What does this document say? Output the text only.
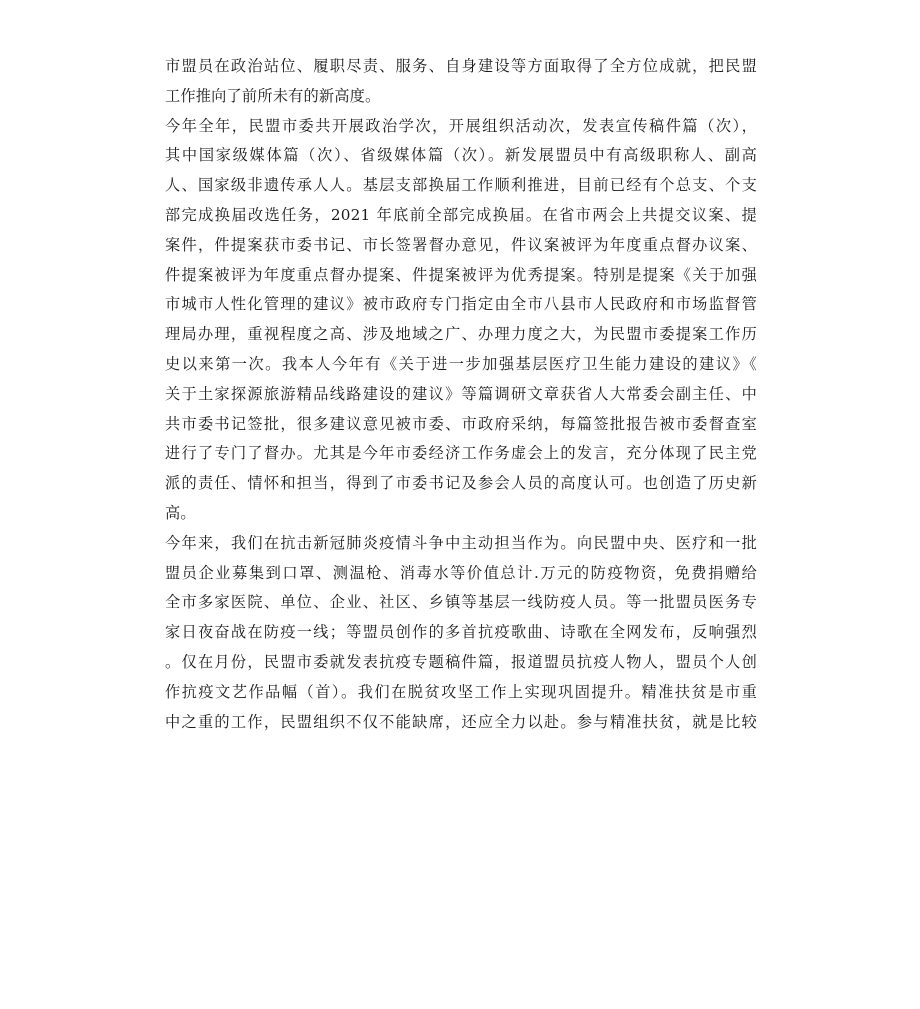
市盟员在政治站位、履职尽责、服务、自身建设等方面取得了全方位成就，把民盟
工作推向了前所未有的新高度。
今年全年，民盟市委共开展政治学次，开展组织活动次，发表宣传稿件篇（次），
其中国家级媒体篇（次）、省级媒体篇（次）。新发展盟员中有高级职称人、副高
人、国家级非遗传承人人。基层支部换届工作顺利推进，目前已经有个总支、个支
部完成换届改选任务，2021 年底前全部完成换届。在省市两会上共提交议案、提
案件，件提案获市委书记、市长签署督办意见，件议案被评为年度重点督办议案、
件提案被评为年度重点督办提案、件提案被评为优秀提案。特别是提案《关于加强
市城市人性化管理的建议》被市政府专门指定由全市八县市人民政府和市场监督管
理局办理，重视程度之高、涉及地域之广、办理力度之大，为民盟市委提案工作历
史以来第一次。我本人今年有《关于进一步加强基层医疗卫生能力建设的建议》《
关于土家探源旅游精品线路建设的建议》等篇调研文章获省人大常委会副主任、中
共市委书记签批，很多建议意见被市委、市政府采纳，每篇签批报告被市委督查室
进行了专门了督办。尤其是今年市委经济工作务虚会上的发言，充分体现了民主党
派的责任、情怀和担当，得到了市委书记及参会人员的高度认可。也创造了历史新
高。
今年来，我们在抗击新冠肺炎疫情斗争中主动担当作为。向民盟中央、医疗和一批
盟员企业募集到口罩、测温枪、消毒水等价值总计.万元的防疫物资，免费捐赠给
全市多家医院、单位、企业、社区、乡镇等基层一线防疫人员。等一批盟员医务专
家日夜奋战在防疫一线；等盟员创作的多首抗疫歌曲、诗歌在全网发布，反响强烈
。仅在月份，民盟市委就发表抗疫专题稿件篇，报道盟员抗疫人物人，盟员个人创
作抗疫文艺作品幅（首）。我们在脱贫攻坚工作上实现巩固提升。精准扶贫是市重
中之重的工作，民盟组织不仅不能缺席，还应全力以赴。参与精准扶贫，就是比较
